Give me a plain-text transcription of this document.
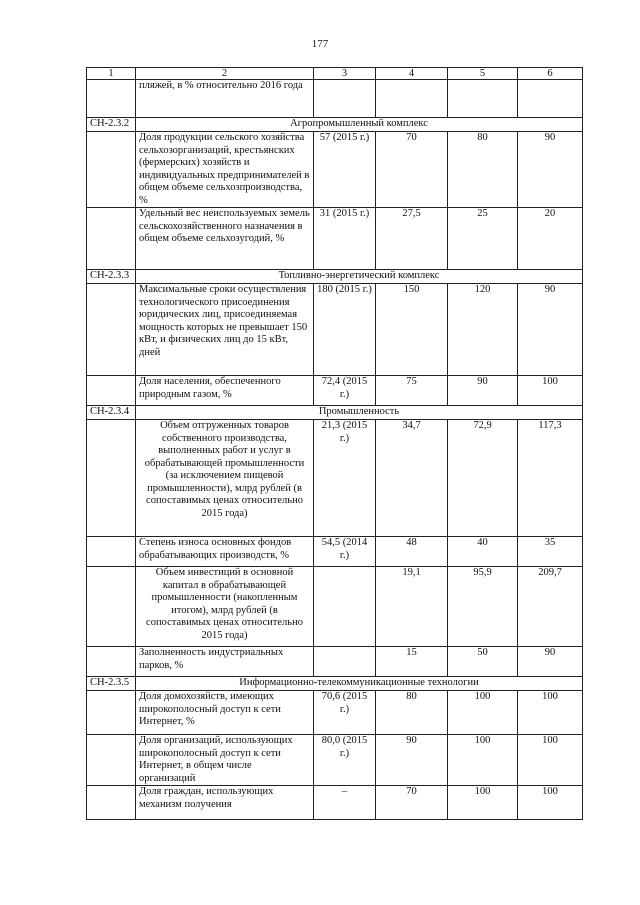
177
1	2	3	4	5	6
	пляжей, в % относительно 2016 года				
СН-2.3.2	Агропромышленный комплекс				
	Доля продукции сельского хозяйства сельхозорганизаций, крестьянских (фермерских) хозяйств и индивидуальных предпринимателей в общем объеме сельхозпроизводства, %	57 (2015 г.)	70	80	90
	Удельный вес неиспользуемых земель сельскохозяйственного назначения в общем объеме сельхозугодий, %	31 (2015 г.)	27,5	25	20
СН-2.3.3	Топливно-энергетический комплекс				
	Максимальные сроки осуществления технологического присоединения юридических лиц, присоединяемая мощность которых не превышает 150 кВт, и физических лиц до 15 кВт, дней	180 (2015 г.)	150	120	90
	Доля населения, обеспеченного природным газом, %	72,4 (2015 г.)	75	90	100
СН-2.3.4	Промышленность				
	Объем отгруженных товаров собственного производства, выполненных работ и услуг в обрабатывающей промышленности (за исключением пищевой промышленности), млрд рублей (в сопоставимых ценах относительно 2015 года)	21,3 (2015 г.)	34,7	72,9	117,3
	Степень износа основных фондов обрабатывающих производств, %	54,5 (2014 г.)	48	40	35
	Объем инвестиций в основной капитал в обрабатывающей промышленности (накопленным итогом), млрд рублей (в сопоставимых ценах относительно 2015 года)		19,1	95,9	209,7
	Заполненность индустриальных парков, %		15	50	90
СН-2.3.5	Информационно-телекоммуникационные технологии				
	Доля домохозяйств, имеющих широкополосный доступ к сети Интернет, %	70,6 (2015 г.)	80	100	100
	Доля организаций, использующих широкополосный доступ к сети Интернет, в общем числе организаций	80,0 (2015 г.)	90	100	100
	Доля граждан, использующих механизм получения	–	70	100	100
